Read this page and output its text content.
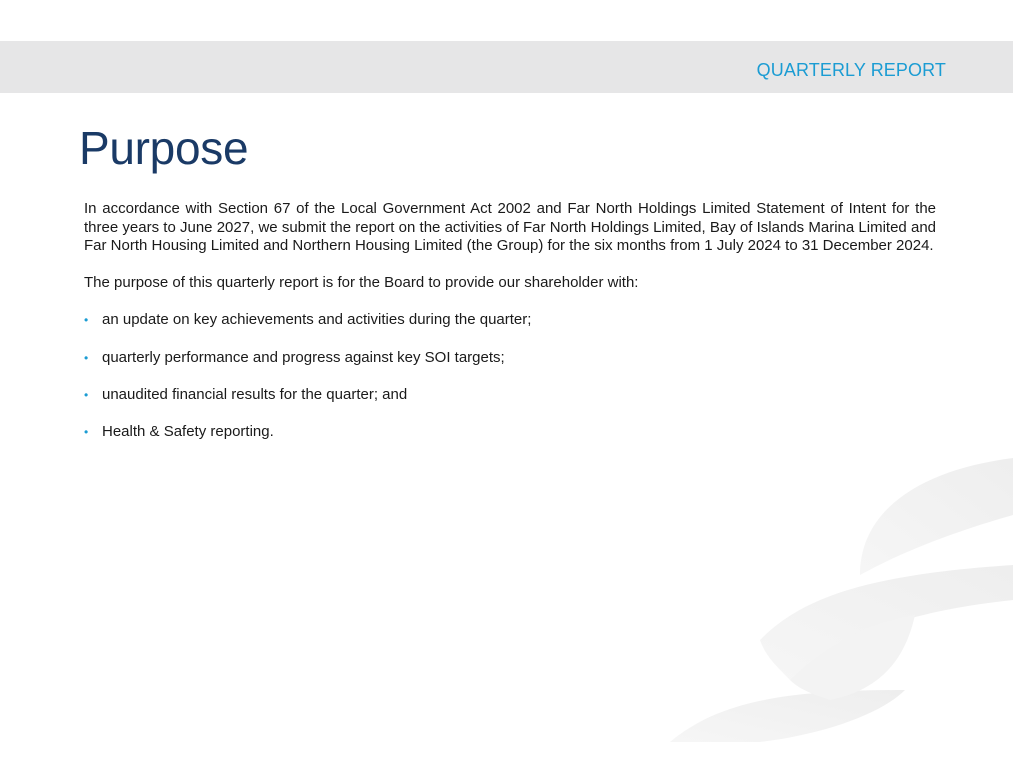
QUARTERLY REPORT
Purpose

In accordance with Section 67 of the Local Government Act 2002 and Far North Holdings Limited Statement of Intent for the three years to June 2027, we submit the report on the activities of Far North Holdings Limited, Bay of Islands Marina Limited and Far North Housing Limited and Northern Housing Limited (the Group) for the six months from 1 July 2024 to 31 December 2024.

The purpose of this quarterly report is for the Board to provide our shareholder with:

• an update on key achievements and activities during the quarter;
• quarterly performance and progress against key SOI targets;
• unaudited financial results for the quarter; and
• Health & Safety reporting.
